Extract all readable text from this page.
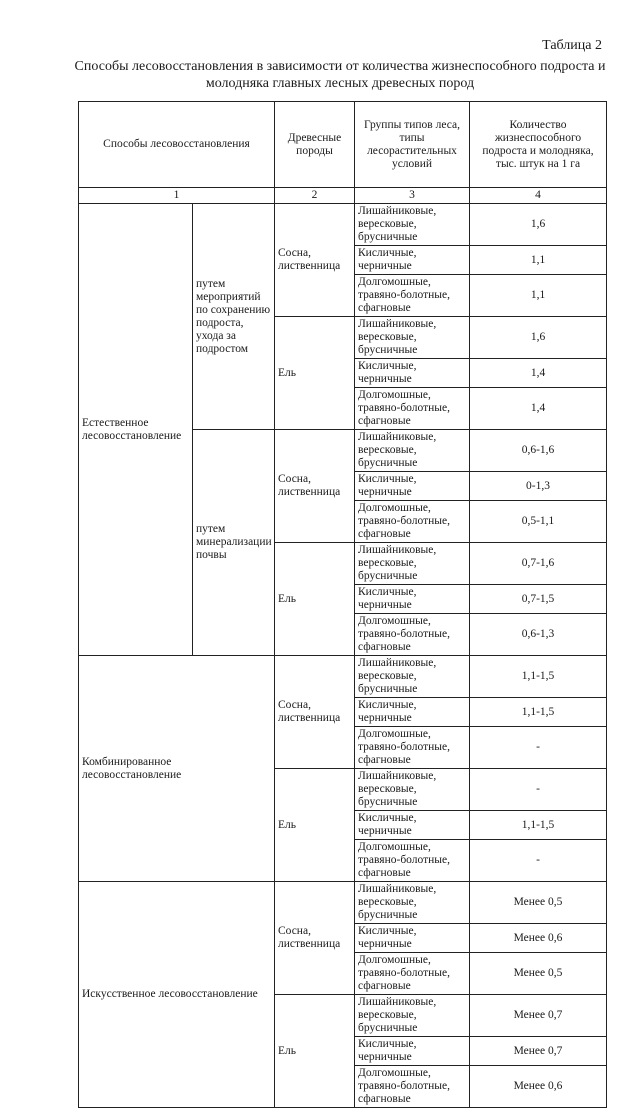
Таблица 2
Способы лесовосстановления в зависимости от количества жизнеспособного подроста и
молодняка главных лесных древесных пород
Способы лесовосстановления		Древесные породы	Группы типов леса, типы лесорастительных условий	Количество жизнеспособного подроста и молодняка, тыс. штук на 1 га
1		2	3	4
Естественное лесовосстановление	путем мероприятий по сохранению подроста, ухода за подростом	Сосна, лиственница	Лишайниковые, вересковые, брусничные	1,6
			Кисличные, черничные	1,1
			Долгомошные, травяно-болотные, сфагновые	1,1
		Ель	Лишайниковые, вересковые, брусничные	1,6
			Кисличные, черничные	1,4
			Долгомошные, травяно-болотные, сфагновые	1,4
	путем минерализации почвы	Сосна, лиственница	Лишайниковые, вересковые, брусничные	0,6-1,6
			Кисличные, черничные	0-1,3
			Долгомошные, травяно-болотные, сфагновые	0,5-1,1
		Ель	Лишайниковые, вересковые, брусничные	0,7-1,6
			Кисличные, черничные	0,7-1,5
			Долгомошные, травяно-болотные, сфагновые	0,6-1,3
Комбинированное лесовосстановление		Сосна, лиственница	Лишайниковые, вересковые, брусничные	1,1-1,5
			Кисличные, черничные	1,1-1,5
			Долгомошные, травяно-болотные, сфагновые	-
		Ель	Лишайниковые, вересковые, брусничные	-
			Кисличные, черничные	1,1-1,5
			Долгомошные, травяно-болотные, сфагновые	-
Искусственное лесовосстановление		Сосна, лиственница	Лишайниковые, вересковые, брусничные	Менее 0,5
			Кисличные, черничные	Менее 0,6
			Долгомошные, травяно-болотные, сфагновые	Менее 0,5
		Ель	Лишайниковые, вересковые, брусничные	Менее 0,7
			Кисличные, черничные	Менее 0,7
			Долгомошные, травяно-болотные, сфагновые	Менее 0,6
